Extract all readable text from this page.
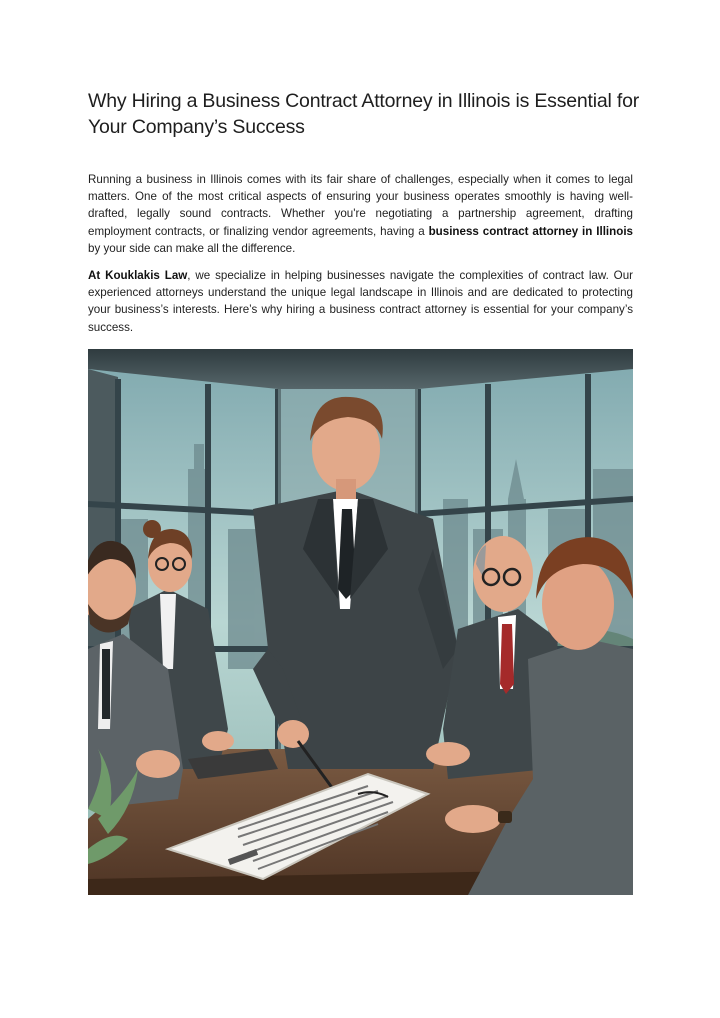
Why Hiring a Business Contract Attorney in Illinois is Essential for Your Company’s Success

Running a business in Illinois comes with its fair share of challenges, especially when it comes to legal matters. One of the most critical aspects of ensuring your business operates smoothly is having well-drafted, legally sound contracts. Whether you're negotiating a partnership agreement, drafting employment contracts, or finalizing vendor agreements, having a business contract attorney in Illinois by your side can make all the difference.

At Kouklakis Law, we specialize in helping businesses navigate the complexities of contract law. Our experienced attorneys understand the unique legal landscape in Illinois and are dedicated to protecting your business’s interests. Here’s why hiring a business contract attorney is essential for your company’s success.
